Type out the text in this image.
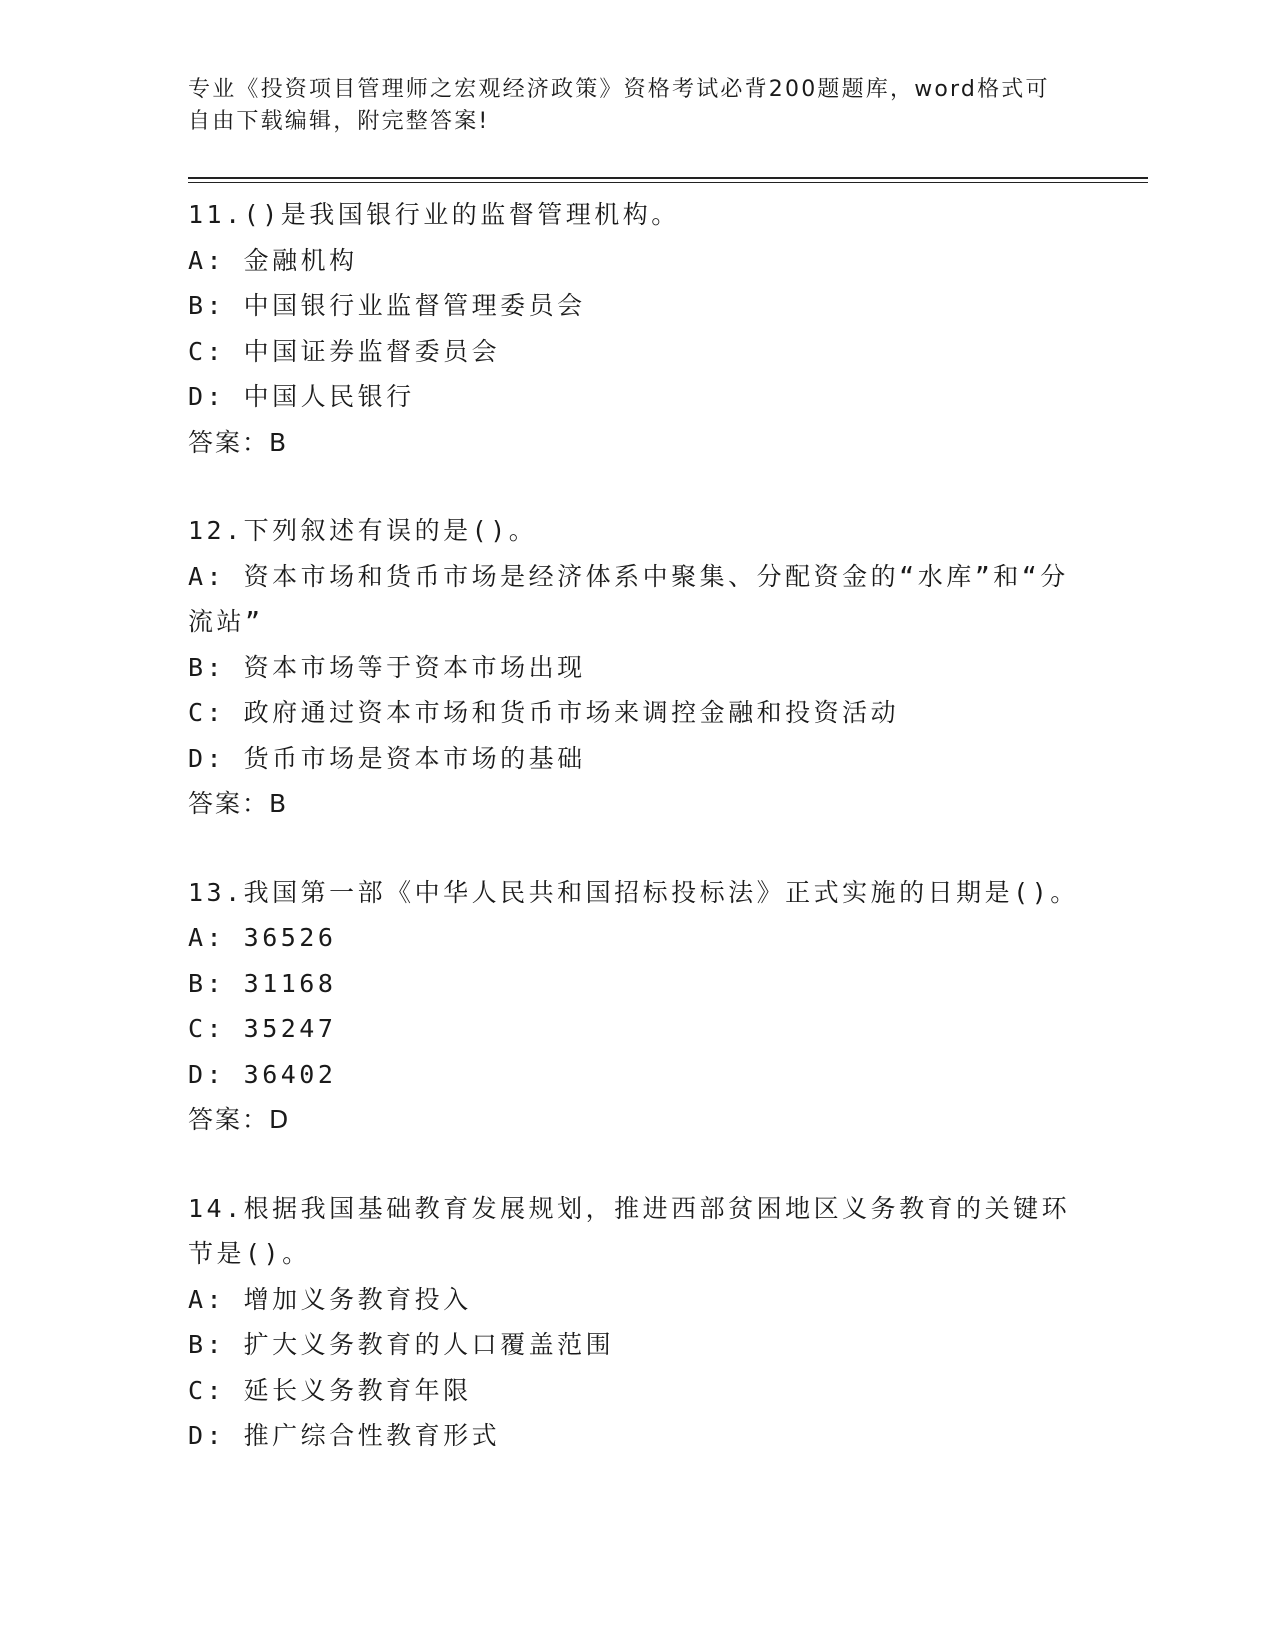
专业《投资项目管理师之宏观经济政策》资格考试必背200题题库，word格式可自由下载编辑，附完整答案!

11.()是我国银行业的监督管理机构。

A: 金融机构

B: 中国银行业监督管理委员会

C: 中国证券监督委员会

D: 中国人民银行

答案：B

12.下列叙述有误的是()。

A: 资本市场和货币市场是经济体系中聚集、分配资金的“水库”和“分流站”

B: 资本市场等于资本市场出现

C: 政府通过资本市场和货币市场来调控金融和投资活动

D: 货币市场是资本市场的基础

答案：B

13.我国第一部《中华人民共和国招标投标法》正式实施的日期是()。

A: 36526

B: 31168

C: 35247

D: 36402

答案：D

14.根据我国基础教育发展规划，推进西部贫困地区义务教育的关键环节是()。

A: 增加义务教育投入

B: 扩大义务教育的人口覆盖范围

C: 延长义务教育年限

D: 推广综合性教育形式
